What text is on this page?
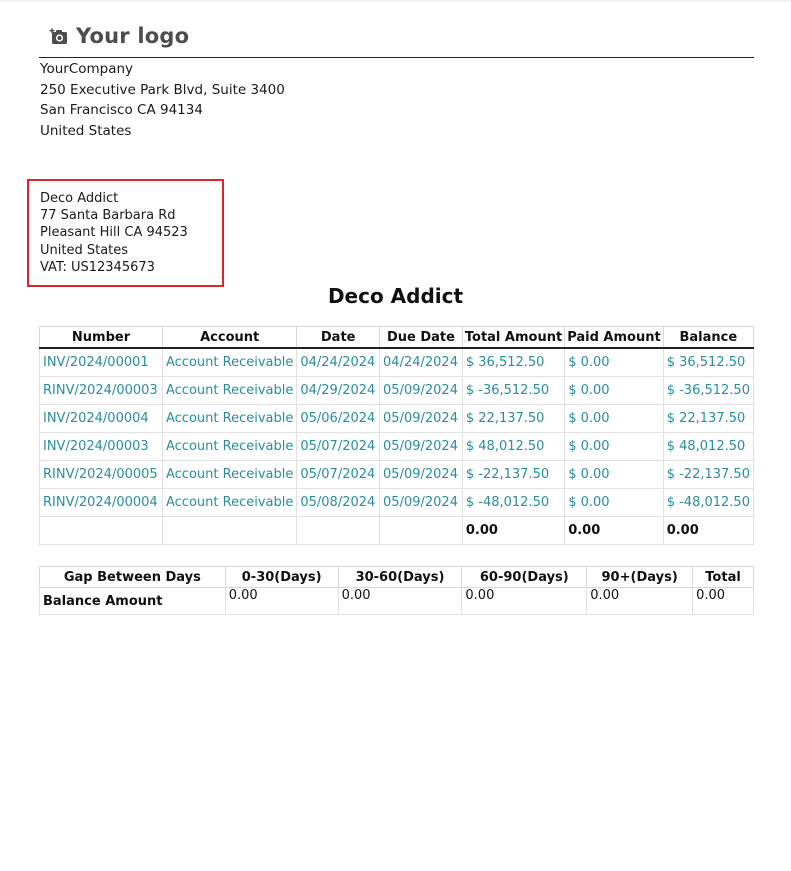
Your logo
YourCompany
250 Executive Park Blvd, Suite 3400
San Francisco CA 94134
United States
Deco Addict
77 Santa Barbara Rd
Pleasant Hill CA 94523
United States
VAT: US12345673
Deco Addict
Number	Account	Date	Due Date	Total Amount	Paid Amount	Balance
INV/2024/00001	Account Receivable	04/24/2024	04/24/2024	$ 36,512.50	$ 0.00	$ 36,512.50
RINV/2024/00003	Account Receivable	04/29/2024	05/09/2024	$ -36,512.50	$ 0.00	$ -36,512.50
INV/2024/00004	Account Receivable	05/06/2024	05/09/2024	$ 22,137.50	$ 0.00	$ 22,137.50
INV/2024/00003	Account Receivable	05/07/2024	05/09/2024	$ 48,012.50	$ 0.00	$ 48,012.50
RINV/2024/00005	Account Receivable	05/07/2024	05/09/2024	$ -22,137.50	$ 0.00	$ -22,137.50
RINV/2024/00004	Account Receivable	05/08/2024	05/09/2024	$ -48,012.50	$ 0.00	$ -48,012.50
				0.00	0.00	0.00
Gap Between Days	0-30(Days)	30-60(Days)	60-90(Days)	90+(Days)	Total
Balance Amount	0.00	0.00	0.00	0.00	0.00
